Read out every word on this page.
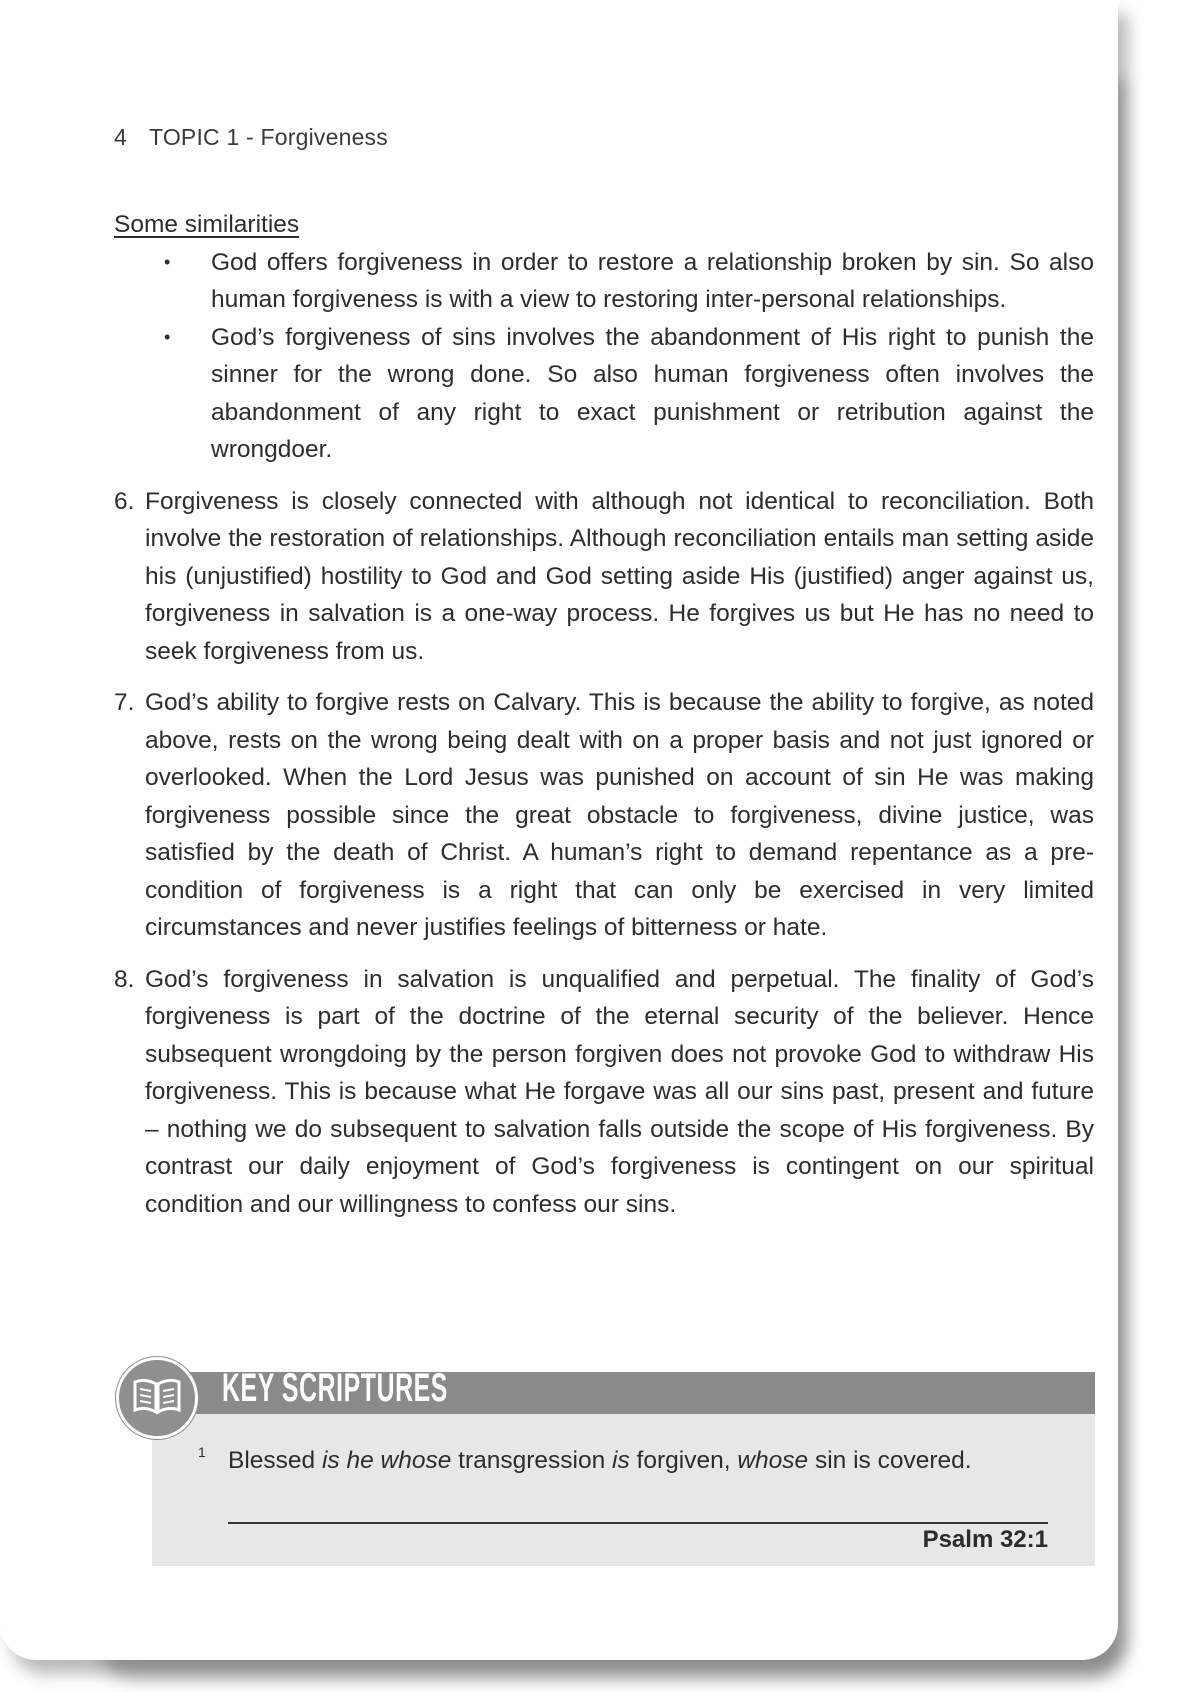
4 TOPIC 1 - Forgiveness

Some similarities

• God offers forgiveness in order to restore a relationship broken by sin. So also human forgiveness is with a view to restoring inter-personal relationships.
• God’s forgiveness of sins involves the abandonment of His right to punish the sinner for the wrong done. So also human forgiveness often involves the abandonment of any right to exact punishment or retribution against the wrongdoer.
6. Forgiveness is closely connected with although not identical to reconciliation. Both involve the restoration of relationships. Although reconciliation entails man setting aside his (unjustified) hostility to God and God setting aside His (justified) anger against us, forgiveness in salvation is a one-way process. He forgives us but He has no need to seek forgiveness from us.
7. God’s ability to forgive rests on Calvary. This is because the ability to forgive, as noted above, rests on the wrong being dealt with on a proper basis and not just ignored or overlooked. When the Lord Jesus was punished on account of sin He was making forgiveness possible since the great obstacle to forgiveness, divine justice, was satisfied by the death of Christ. A human’s right to demand repentance as a pre-condition of forgiveness is a right that can only be exercised in very limited circumstances and never justifies feelings of bitterness or hate.
8. God’s forgiveness in salvation is unqualified and perpetual. The finality of God’s forgiveness is part of the doctrine of the eternal security of the believer. Hence subsequent wrongdoing by the person forgiven does not provoke God to withdraw His forgiveness. This is because what He forgave was all our sins past, present and future – nothing we do subsequent to salvation falls outside the scope of His forgiveness. By contrast our daily enjoyment of God’s forgiveness is contingent on our spiritual condition and our willingness to confess our sins.
KEY SCRIPTURES
1 Blessed is he whose transgression is forgiven, whose sin is covered.
Psalm 32:1
